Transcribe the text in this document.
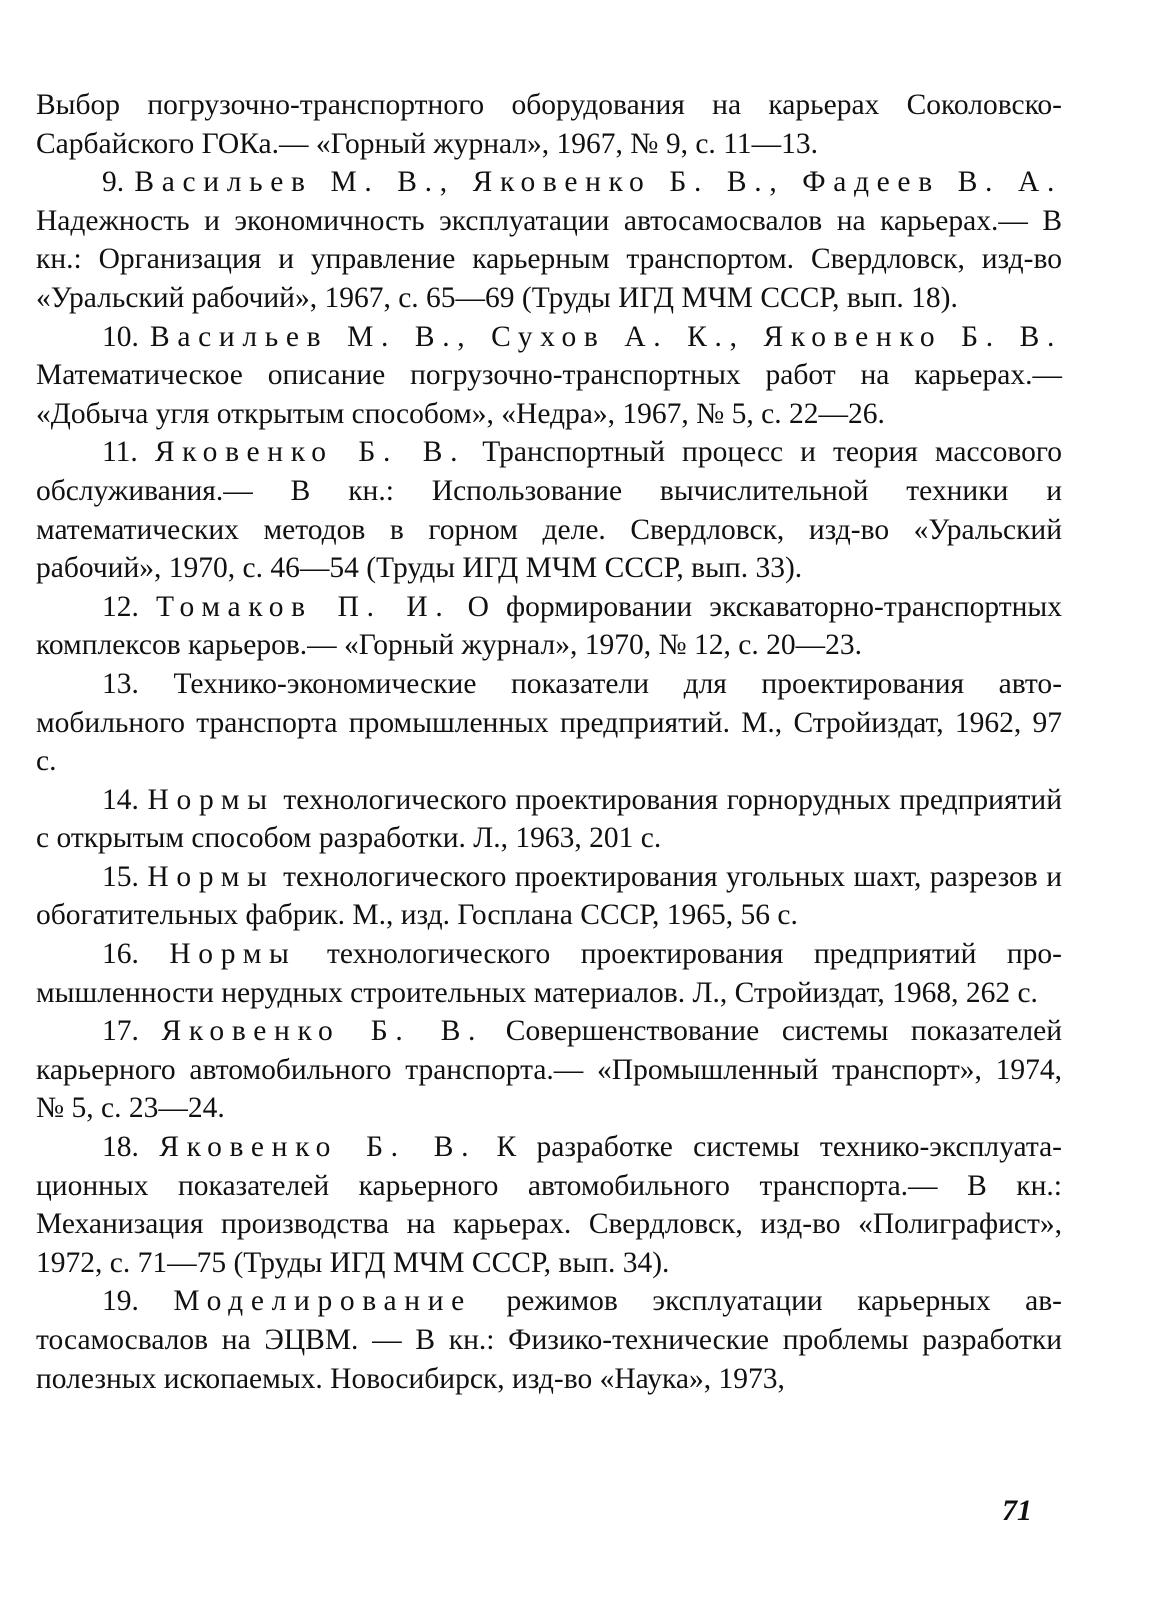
Выбор погрузочно-транспортного оборудования на карьерах Соколовско-Сарбайского ГОКа.— «Горный журнал», 1967, № 9, с. 11—13.

9. Васильев М. В., Яковенко Б. В., Фадеев В. А. Надежность и экономичность эксплуатации автосамосвалов на карьерах.— В кн.: Организация и управление карьерным транспортом. Свердловск, изд-во «Уральский рабочий», 1967, с. 65—69 (Труды ИГД МЧМ СССР, вып. 18).

10. Васильев М. В., Сухов А. К., Яковенко Б. В. Математическое описание погрузочно-транспортных работ на карьерах.— «Добыча угля открытым способом», «Недра», 1967, № 5, с. 22—26.

11. Яковенко Б. В. Транспортный процесс и теория массового обслуживания.— В кн.: Использование вычислительной техники и математических методов в горном деле. Свердловск, изд-во «Уральский рабочий», 1970, с. 46—54 (Труды ИГД МЧМ СССР, вып. 33).

12. Томаков П. И. О формировании экскаваторно-транспортных комплексов карьеров.— «Горный журнал», 1970, № 12, с. 20—23.

13. Технико-экономические показатели для проектирования автомобильного транспорта промышленных предприятий. М., Стройиздат, 1962, 97 с.

14. Нормы технологического проектирования горнорудных предприятий с открытым способом разработки. Л., 1963, 201 с.

15. Нормы технологического проектирования угольных шахт, разрезов и обогатительных фабрик. М., изд. Госплана СССР, 1965, 56 с.

16. Нормы технологического проектирования предприятий промышленности нерудных строительных материалов. Л., Стройиздат, 1968, 262 с.

17. Яковенко Б. В. Совершенствование системы показателей карьерного автомобильного транспорта.— «Промышленный транспорт», 1974, № 5, с. 23—24.

18. Яковенко Б. В. К разработке системы технико-эксплуатационных показателей карьерного автомобильного транспорта.— В кн.: Механизация производства на карьерах. Свердловск, изд-во «Полиграфист», 1972, с. 71—75 (Труды ИГД МЧМ СССР, вып. 34).

19. Моделирование режимов эксплуатации карьерных автосамосвалов на ЭЦВМ. — В кн.: Физико-технические проблемы разработки полезных ископаемых. Новосибирск, изд-во «Наука», 1973,

71
